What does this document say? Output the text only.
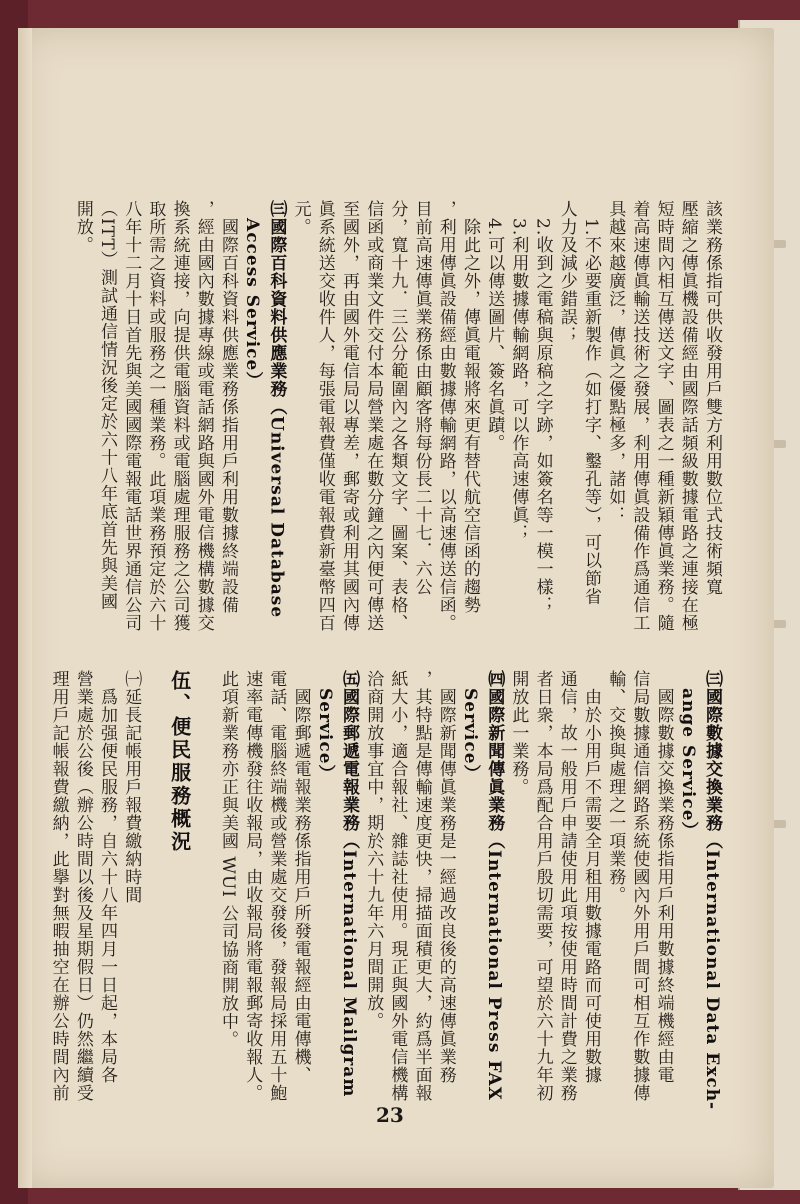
該業務係指可供收發用戶雙方利用數位式技術頻寬
壓縮之傳眞機設備經由國際話頻級數據電路之連接在極
短時間內相互傳送文字、圖表之一種新穎傳眞業務。隨
着高速傳眞輸送技術之發展，利用傳眞設備作爲通信工
具越來越廣泛，傳眞之優點極多，諸如：
　1.不必要重新製作（如打字、鑿孔等），可以節省
人力及減少錯誤；
　2.收到之電稿與原稿之字跡，如簽名等一模一樣；
　3.利用數據傳輸網路，可以作高速傳眞；
　4.可以傳送圖片、簽名眞蹟。
　除此之外，傳眞電報將來更有替代航空信函的趨勢
，利用傳眞設備經由數據傳輸網路，以高速傳送信函。
目前高速傳眞業務係由顧客將每份長二十七．六公
分，寬十九．三公分範圍內之各類文字、圖案、表格、
信函或商業文件交付本局營業處在數分鐘之內便可傳送
至國外，再由國外電信局以專差，郵寄或利用其國內傳
眞系統送交收件人，每張電報費僅收電報費新臺幣四百
元。
㈢國際百科資料供應業務（Universal Database
　Access Service）
　國際百科資料供應業務係指用戶利用數據終端設備
，經由國內數據專線或電話網路與國外電信機構數據交
換系統連接，向提供電腦資料或電腦處理服務之公司獲
取所需之資料或服務之一種業務。此項業務預定於六十
八年十二月十日首先與美國國際電報電話世界通信公司
（ITT）測試通信情況後定於六十八年底首先與美國
開放。
㈢國際數據交換業務（International Data Exch-
　ange Service）
　國際數據交換業務係指用戶利用數據終端機經由電
信局數據通信網路系統使國內外用戶間可相互作數據傳
輸、交換與處理之一項業務。
　由於小用戶不需要全月租用數據電路而可使用數據
通信，故一般用戶申請使用此項按使用時間計費之業務
者日衆，本局爲配合用戶殷切需要，可望於六十九年初
開放此一業務。
㈣國際新聞傳眞業務（International Press FAX
　Service）
　國際新聞傳眞業務是一經過改良後的高速傳眞業務
，其特點是傳輸速度更快，掃描面積更大，約爲半面報
紙大小，適合報社、雜誌社使用。現正與國外電信機構
洽商開放事宜中，期於六十九年六月間開放。
㈤國際郵遞電報業務（International Mailgram
　Service）
　國際郵遞電報業務係指用戶所發電報經由電傳機、
電話、電腦終端機或營業處交發後，發報局採用五十鮑
速率電傳機發往收報局，由收報局將電報郵寄收報人。
此項新業務亦正與美國 WUI 公司協商開放中。
伍、便民服務概況
㈠延長記帳用戶報費繳納時間
　爲加强便民服務，自六十八年四月一日起，本局各
營業處於公後（辦公時間以後及星期假日）仍然繼續受
理用戶記帳報費繳納，此擧對無暇抽空在辦公時間內前
23
